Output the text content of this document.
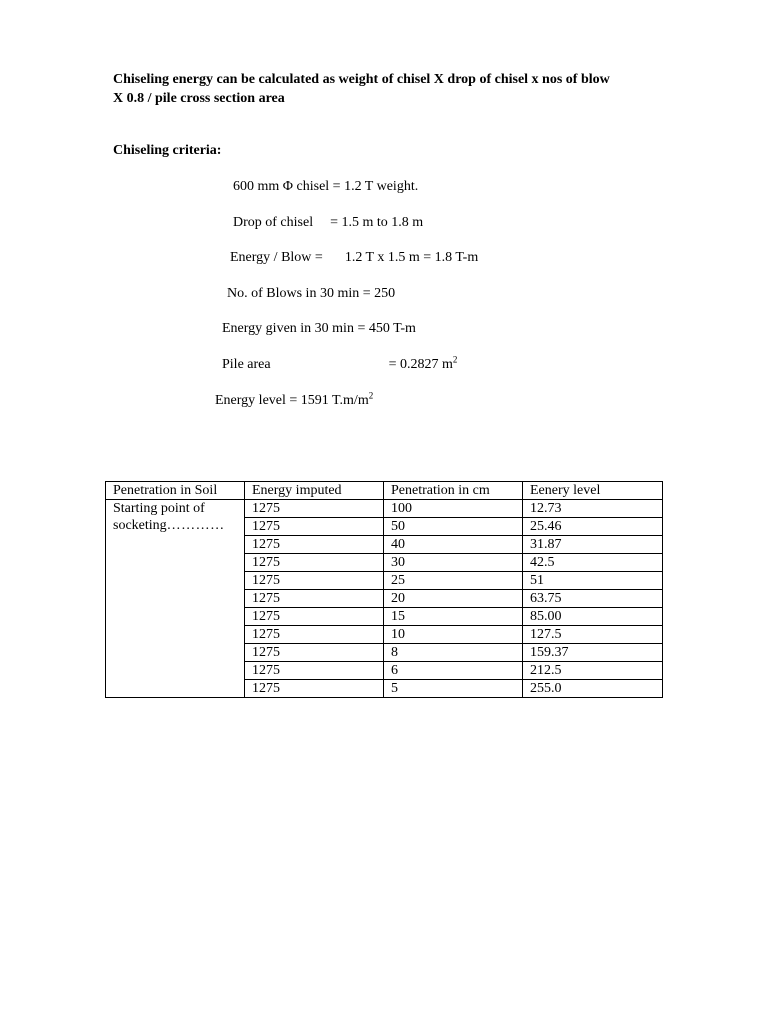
Chiseling energy can be calculated as weight of chisel X drop of chisel x nos of blow
X 0.8 / pile cross section area
Chiseling criteria:
600 mm Φ chisel = 1.2 T weight.
Drop of chisel = 1.5 m to 1.8 m
Energy / Blow = 1.2 T x 1.5 m = 1.8 T-m
No. of Blows in 30 min = 250
Energy given in 30 min = 450 T-m
Pile area	= 0.2827 $m^2$
Energy level = 1591 $T.m/m^2$
Penetration in Soil	Energy imputed	Penetration in cm	Eenery level
Starting point of
socketing…………	1275	100	12.73
	1275	50	25.46
	1275	40	31.87
	1275	30	42.5
	1275	25	51
	1275	20	63.75
	1275	15	85.00
	1275	10	127.5
	1275	8	159.37
	1275	6	212.5
	1275	5	255.0
